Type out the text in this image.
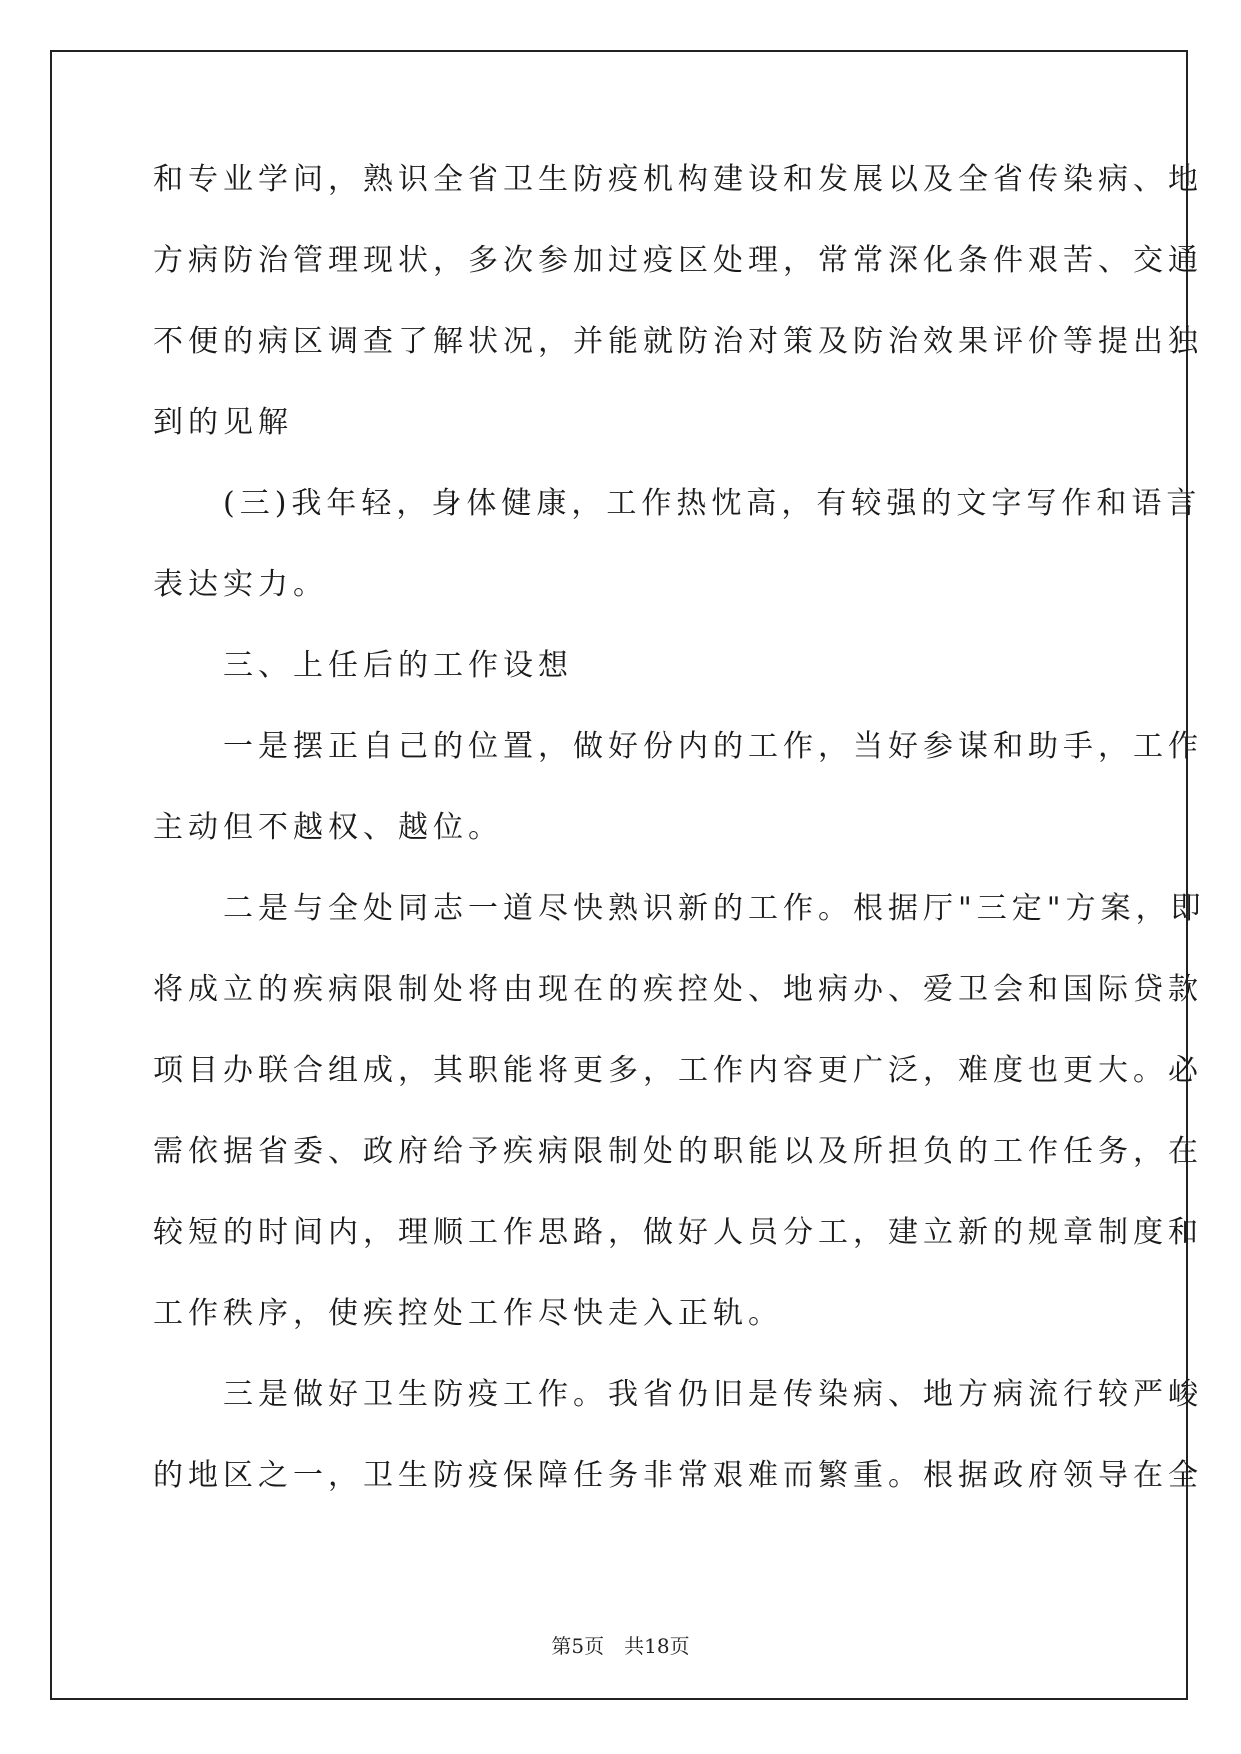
和专业学问，熟识全省卫生防疫机构建设和发展以及全省传染病、地
方病防治管理现状，多次参加过疫区处理，常常深化条件艰苦、交通
不便的病区调查了解状况，并能就防治对策及防治效果评价等提出独
到的见解
　　(三)我年轻，身体健康，工作热忱高，有较强的文字写作和语言
表达实力。
　　三、上任后的工作设想
　　一是摆正自己的位置，做好份内的工作，当好参谋和助手，工作
主动但不越权、越位。
　　二是与全处同志一道尽快熟识新的工作。根据厅"三定"方案，即
将成立的疾病限制处将由现在的疾控处、地病办、爱卫会和国际贷款
项目办联合组成，其职能将更多，工作内容更广泛，难度也更大。必
需依据省委、政府给予疾病限制处的职能以及所担负的工作任务，在
较短的时间内，理顺工作思路，做好人员分工，建立新的规章制度和
工作秩序，使疾控处工作尽快走入正轨。
　　三是做好卫生防疫工作。我省仍旧是传染病、地方病流行较严峻
的地区之一，卫生防疫保障任务非常艰难而繁重。根据政府领导在全
第5页　共18页
